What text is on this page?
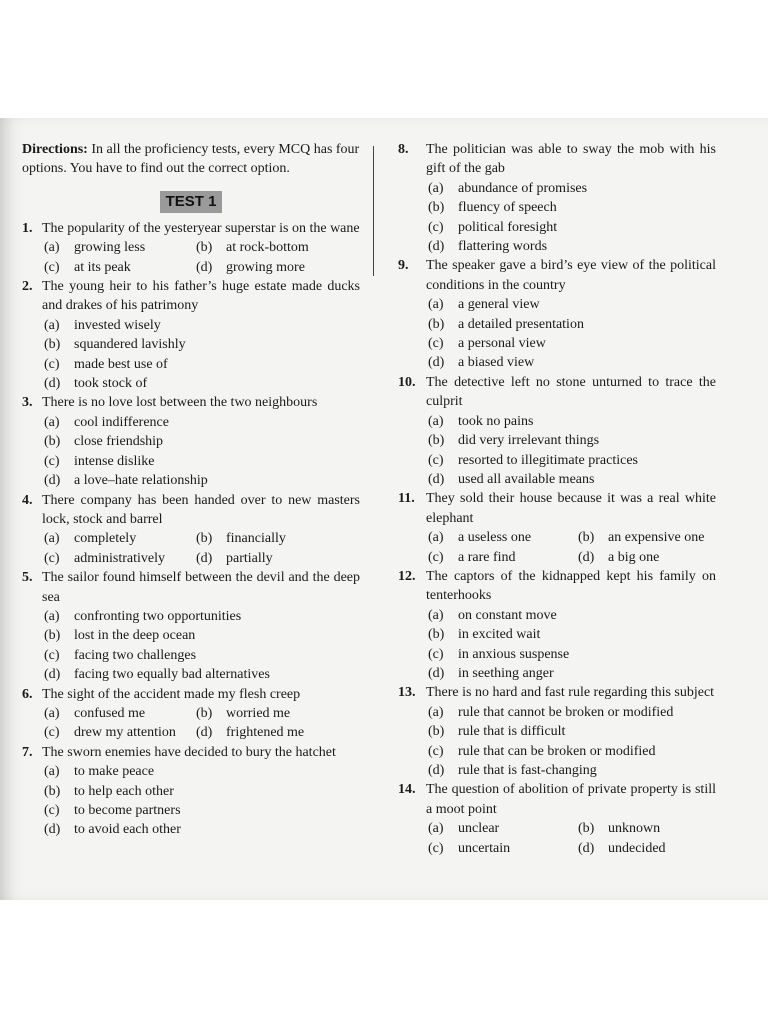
Directions: In all the proficiency tests, every MCQ has four options. You have to find out the correct option.

TEST 1
1. The popularity of the yesteryear superstar is on the wane
(a) growing less	(b) at rock-bottom
(c) at its peak	(d) growing more
2. The young heir to his father’s huge estate made ducks and drakes of his patrimony
(a) invested wisely
(b) squandered lavishly
(c) made best use of
(d) took stock of
3. There is no love lost between the two neighbours
(a) cool indifference
(b) close friendship
(c) intense dislike
(d) a love–hate relationship
4. There company has been handed over to new masters lock, stock and barrel
(a) completely	(b) financially
(c) administratively	(d) partially
5. The sailor found himself between the devil and the deep sea
(a) confronting two opportunities
(b) lost in the deep ocean
(c) facing two challenges
(d) facing two equally bad alternatives
6. The sight of the accident made my flesh creep
(a) confused me	(b) worried me
(c) drew my attention	(d) frightened me
7. The sworn enemies have decided to bury the hatchet
(a) to make peace
(b) to help each other
(c) to become partners
(d) to avoid each other
8. The politician was able to sway the mob with his gift of the gab
(a) abundance of promises
(b) fluency of speech
(c) political foresight
(d) flattering words
9. The speaker gave a bird’s eye view of the political conditions in the country
(a) a general view
(b) a detailed presentation
(c) a personal view
(d) a biased view
10. The detective left no stone unturned to trace the culprit
(a) took no pains
(b) did very irrelevant things
(c) resorted to illegitimate practices
(d) used all available means
11. They sold their house because it was a real white elephant
(a) a useless one	(b) an expensive one
(c) a rare find	(d) a big one
12. The captors of the kidnapped kept his family on tenterhooks
(a) on constant move
(b) in excited wait
(c) in anxious suspense
(d) in seething anger
13. There is no hard and fast rule regarding this subject
(a) rule that cannot be broken or modified
(b) rule that is difficult
(c) rule that can be broken or modified
(d) rule that is fast-changing
14. The question of abolition of private property is still a moot point
(a) unclear	(b) unknown
(c) uncertain	(d) undecided
